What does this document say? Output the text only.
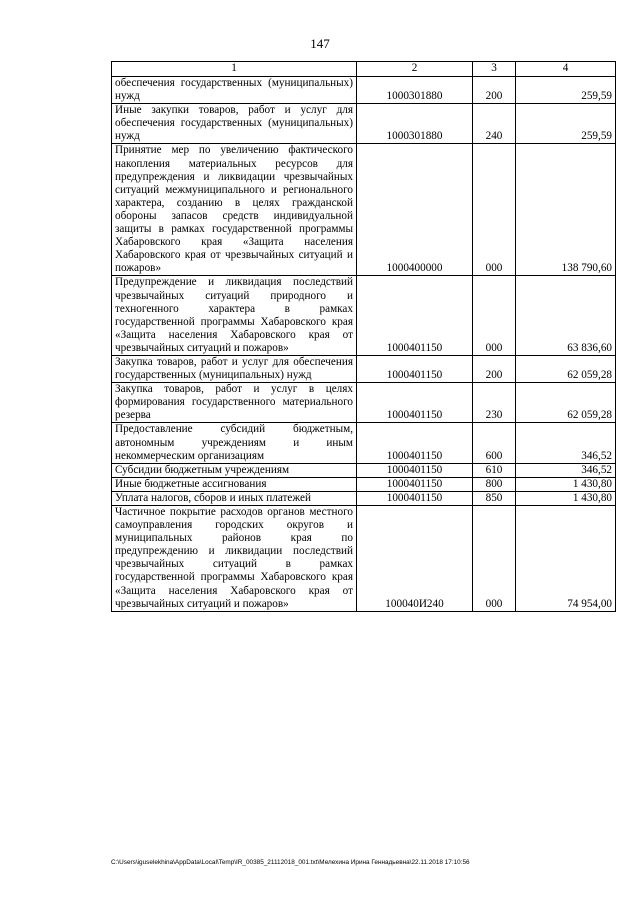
147
1	2	3	4
обеспечения государственных (муниципальных) нужд	1000301880	200	259,59
Иные закупки товаров, работ и услуг для обеспечения государственных (муниципальных) нужд	1000301880	240	259,59
Принятие мер по увеличению фактического накопления материальных ресурсов для предупреждения и ликвидации чрезвычайных ситуаций межмуниципального и регионального характера, созданию в целях гражданской обороны запасов средств индивидуальной защиты в рамках государственной программы Хабаровского края «Защита населения Хабаровского края от чрезвычайных ситуаций и пожаров»	1000400000	000	138 790,60
Предупреждение и ликвидация последствий чрезвычайных ситуаций природного и техногенного характера в рамках государственной программы Хабаровского края «Защита населения Хабаровского края от чрезвычайных ситуаций и пожаров»	1000401150	000	63 836,60
Закупка товаров, работ и услуг для обеспечения государственных (муниципальных) нужд	1000401150	200	62 059,28
Закупка товаров, работ и услуг в целях формирования государственного материального резерва	1000401150	230	62 059,28
Предоставление субсидий бюджетным, автономным учреждениям и иным некоммерческим организациям	1000401150	600	346,52
Субсидии бюджетным учреждениям	1000401150	610	346,52
Иные бюджетные ассигнования	1000401150	800	1 430,80
Уплата налогов, сборов и иных платежей	1000401150	850	1 430,80
Частичное покрытие расходов органов местного самоуправления городских округов и муниципальных районов края по предупреждению и ликвидации последствий чрезвычайных ситуаций в рамках государственной программы Хабаровского края «Защита населения Хабаровского края от чрезвычайных ситуаций и пожаров»	100040И240	000	74 954,00
C:\Users\iguselekhina\AppData\Local\Temp\IR_00385_21112018_001.txt\Мелехина Ирина Геннадьевна\22.11.2018 17:10:56
